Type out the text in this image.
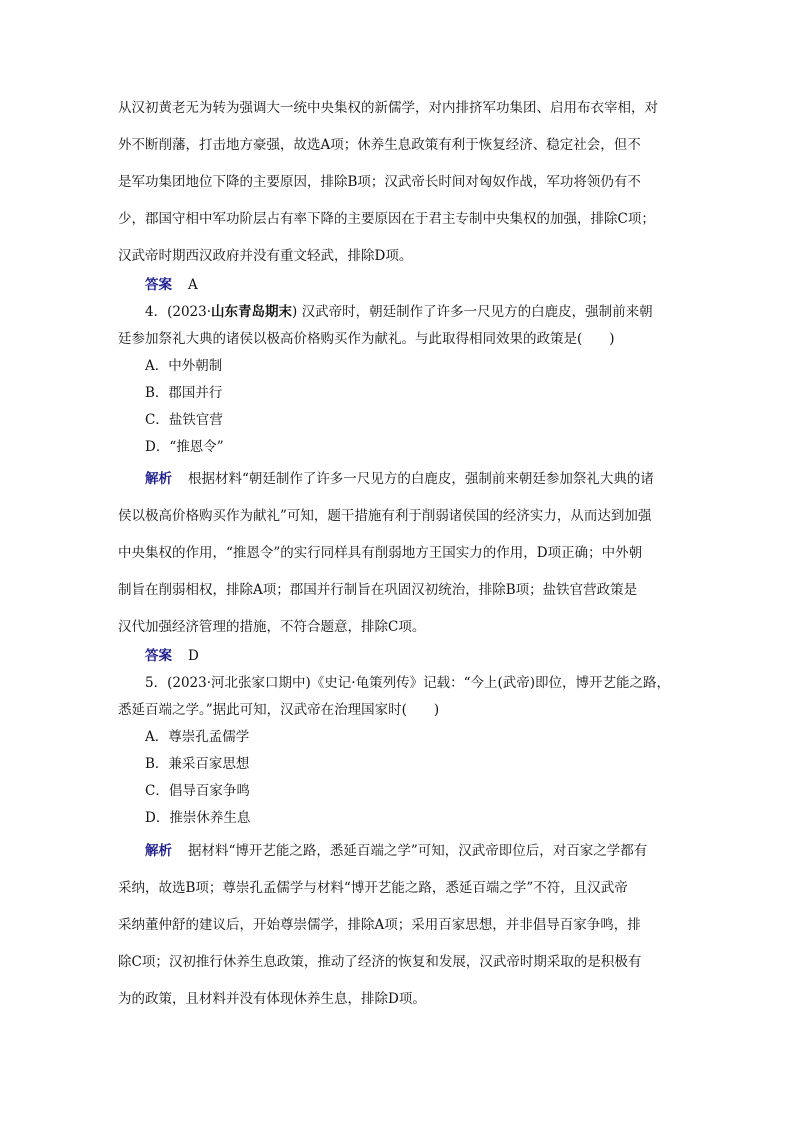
从汉初黄老无为转为强调大一统中央集权的新儒学，对内排挤军功集团、启用布衣宰相，对
外不断削藩，打击地方豪强，故选A项；休养生息政策有利于恢复经济、稳定社会，但不
是军功集团地位下降的主要原因，排除B项；汉武帝长时间对匈奴作战，军功将领仍有不
少，郡国守相中军功阶层占有率下降的主要原因在于君主专制中央集权的加强，排除C项；
汉武帝时期西汉政府并没有重文轻武，排除D项。
答案 A
4．(2023·山东青岛期末) 汉武帝时，朝廷制作了许多一尺见方的白鹿皮，强制前来朝
廷参加祭礼大典的诸侯以极高价格购买作为献礼。与此取得相同效果的政策是(　　)
A．中外朝制
B．郡国并行
C．盐铁官营
D．“推恩令”
解析 根据材料“朝廷制作了许多一尺见方的白鹿皮，强制前来朝廷参加祭礼大典的诸
侯以极高价格购买作为献礼”可知，题干措施有利于削弱诸侯国的经济实力，从而达到加强
中央集权的作用，“推恩令”的实行同样具有削弱地方王国实力的作用，D项正确；中外朝
制旨在削弱相权，排除A项；郡国并行制旨在巩固汉初统治，排除B项；盐铁官营政策是
汉代加强经济管理的措施，不符合题意，排除C项。
答案 D
5．(2023·河北张家口期中)《史记·龟策列传》记载：“今上(武帝)即位，博开艺能之路，
悉延百端之学。”据此可知，汉武帝在治理国家时(　　)
A．尊崇孔孟儒学
B．兼采百家思想
C．倡导百家争鸣
D．推崇休养生息
解析 据材料“博开艺能之路，悉延百端之学”可知，汉武帝即位后，对百家之学都有
采纳，故选B项；尊崇孔孟儒学与材料“博开艺能之路，悉延百端之学”不符，且汉武帝
采纳董仲舒的建议后，开始尊崇儒学，排除A项；采用百家思想，并非倡导百家争鸣，排
除C项；汉初推行休养生息政策，推动了经济的恢复和发展，汉武帝时期采取的是积极有
为的政策，且材料并没有体现休养生息，排除D项。
